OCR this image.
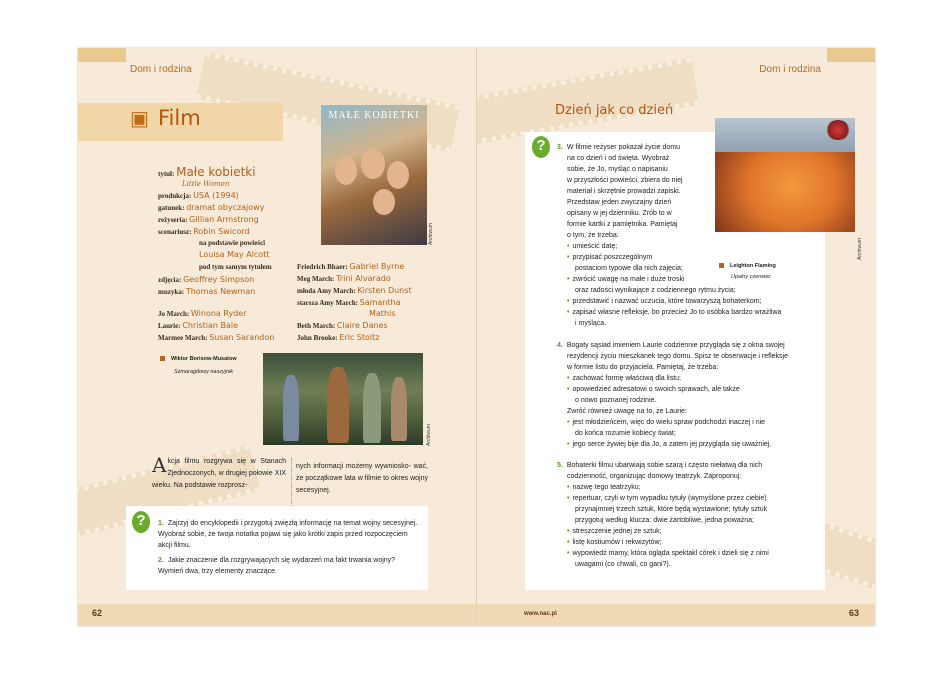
Dom i rodzina
▣ Film	MAŁE KOBIETKI
Archiwum
tytuł: Małe kobietki
Little Women
produkcja: USA (1994)
gatunek: dramat obyczajowy
reżyseria: Gillian Armstrong
scenariusz: Robin Swicord
na podstawie powieści
Louisa May Alcott
pod tym samym tytułem
zdjęcia: Geoffrey Simpson
muzyka: Thomas Newman
Jo March: Winona Ryder
Laurie: Christian Bale
Marmee March: Susan Sarandon
Friedrich Bhaer: Gabriel Byrne
Meg March: Trini Alvarado
młoda Amy March: Kirsten Dunst
starsza Amy March: Samantha
Mathis
Beth March: Claire Danes
John Brooke: Eric Stoltz
Wiktor Borisow-Musatow
Szmaragdowy naszyjnik
Archiwum
Akcja filmu rozgrywa się w Stanach Zjednoczonych, w drugiej połowie XIX wieku. Na podstawie rozprosz-
nych informacji możemy wywniosko- wać, że początkowe lata w filmie to okres wojny secesyjnej.
?	1. Zajrzyj do encyklopedii i przygotuj zwięzłą informację na temat wojny secesyjnej. Wyobraź sobie, że twoja notatka pojawi się jako krótki zapis przed rozpoczęciem akcji filmu.
2. Jakie znaczenie dla rozgrywających się wydarzeń ma fakt trwania wojny? Wymień dwa, trzy elementy znaczące.
62
Dom i rodzina
Dzień jak co dzień
?
Archiwum
Leighton Flaming
Upalny czerwiec
3. W filmie reżyser pokazał życie domu
na co dzień i od święta. Wyobraź
sobie, że Jo, myśląc o napisaniu
w przyszłości powieści, zbiera do niej
materiał i skrzętnie prowadzi zapiski.
Przedstaw jeden zwyczajny dzień
opisany w jej dzienniku. Zrób to w
formie kartki z pamiętnika. Pamiętaj
o tym, że trzeba:
• umieścić datę;
• przypisać poszczególnym
postaciom typowe dla nich zajęcia;
• zwrócić uwagę na małe i duże troski
oraz radości wynikające z codziennego rytmu życia;
• przedstawić i nazwać uczucia, które towarzyszą bohaterkom;
• zapisać własne refleksje, bo przecież Jo to osóbka bardzo wrażliwa
i myśląca.
4. Bogaty sąsiad imieniem Laurie codziennie przygląda się z okna swojej
rezydencji życiu mieszkanek tego domu. Spisz te obserwacje i refleksje
w formie listu do przyjaciela. Pamiętaj, że trzeba:
• zachować formę właściwą dla listu;
• opowiedzieć adresatowi o swoich sprawach, ale także
o nowo poznanej rodzinie.
Zwróć również uwagę na to, że Laurie:
• jest młodzieńcem, więc do wielu spraw podchodzi inaczej i nie
do końca rozumie kobiecy świat;
• jego serce żywiej bije dla Jo, a zatem jej przygląda się uważniej.
5. Bohaterki filmu ubarwiają sobie szarą i często niełatwą dla nich
codzienność, organizując domowy teatrzyk. Zaproponuj:
• nazwę tego teatrzyku;
• repertuar, czyli w tym wypadku tytuły (wymyślone przez ciebie)
przynajmniej trzech sztuk, które będą wystawione; tytuły sztuk
przygotuj według klucza: dwie żartobliwe, jedna poważna;
• streszczenie jednej ze sztuk;
• listę kostiumów i rekwizytów;
• wypowiedź mamy, która ogląda spektakl córek i dzieli się z nimi
uwagami (co chwali, co gani?).
63
www.nac.pl
